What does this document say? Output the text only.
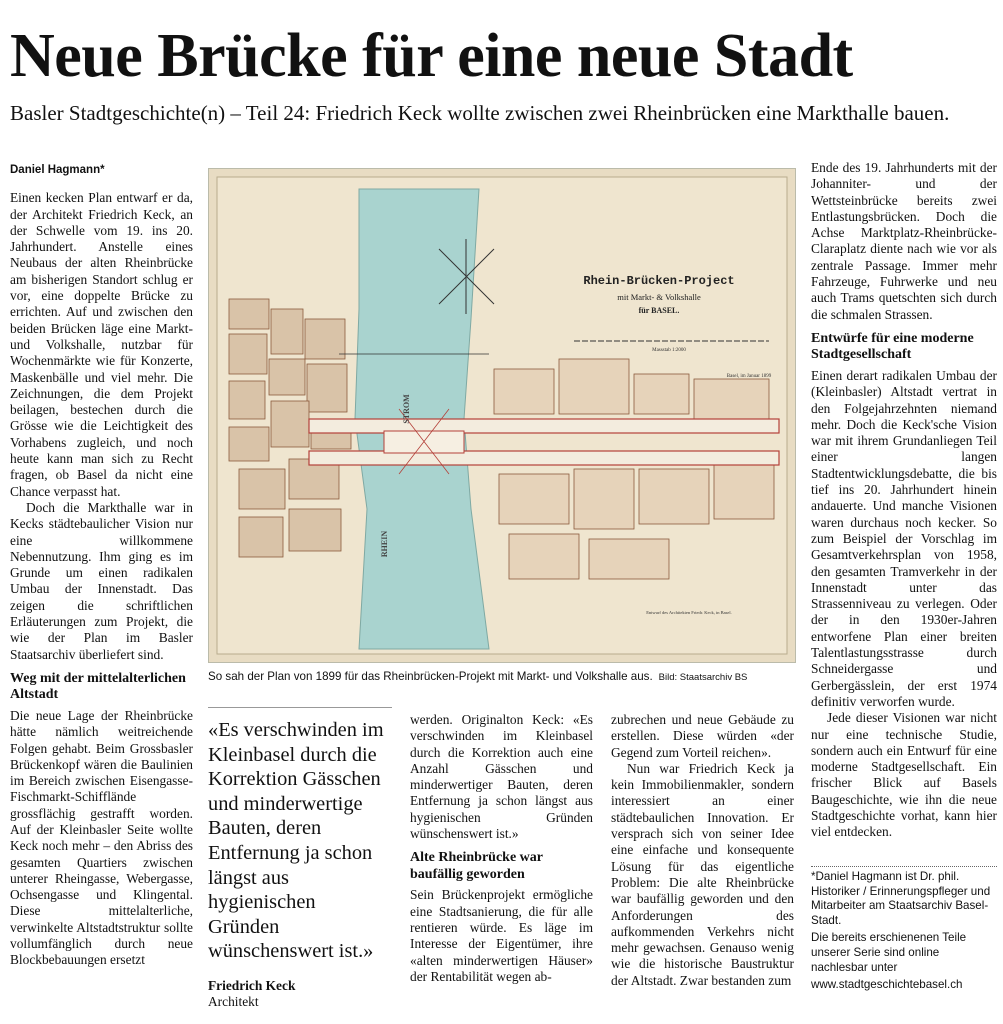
Neue Brücke für eine neue Stadt
Basler Stadtgeschichte(n) – Teil 24: Friedrich Keck wollte zwischen zwei Rheinbrücken eine Markthalle bauen.
Daniel Hagmann*

Einen kecken Plan entwarf er da, der Architekt Friedrich Keck, an der Schwelle vom 19. ins 20. Jahrhundert. Anstelle eines Neubaus der alten Rheinbrücke am bisherigen Standort schlug er vor, eine doppelte Brücke zu errichten. Auf und zwischen den beiden Brücken läge eine Markt- und Volkshalle, nutzbar für Wochenmärkte wie für Konzerte, Maskenbälle und viel mehr. Die Zeichnungen, die dem Projekt beilagen, bestechen durch die Grösse wie die Leichtigkeit des Vorhabens zugleich, und noch heute kann man sich zu Recht fragen, ob Basel da nicht eine Chance verpasst hat.

Doch die Markthalle war in Kecks städtebaulicher Vision nur eine willkommene Nebennutzung. Ihm ging es im Grunde um einen radikalen Umbau der Innenstadt. Das zeigen die schriftlichen Erläuterungen zum Projekt, die wie der Plan im Basler Staatsarchiv überliefert sind.

Weg mit der mittelalterlichen Altstadt

Die neue Lage der Rheinbrücke hätte nämlich weitreichende Folgen gehabt. Beim Grossbasler Brückenkopf wären die Baulinien im Bereich zwischen Eisengasse-Fischmarkt-Schifflände grossflächig gestrafft worden. Auf der Kleinbasler Seite wollte Keck noch mehr – den Abriss des gesamten Quartiers zwischen unterer Rheingasse, Webergasse, Ochsengasse und Klingental. Diese mittelalterliche, verwinkelte Altstadtstruktur sollte vollumfänglich durch neue Blockbebauungen ersetzt

Rhein-Brücken-Project
mit Markt- & Volkshalle
für BASEL.
Massstab 1:2000
Basel, im Januar 1899
STROM
RHEIN
Entwurf des Architekten Friedr. Keck, in Basel.
So sah der Plan von 1899 für das Rheinbrücken-Projekt mit Markt- und Volkshalle aus. Bild: Staatsarchiv BS
«Es verschwinden im Kleinbasel durch die Korrektion Gässchen und minderwertige Bauten, deren Entfernung ja schon längst aus hygienischen Gründen wünschenswert ist.»
Friedrich Keck
Architekt

werden. Originalton Keck: «Es verschwinden im Kleinbasel durch die Korrektion auch eine Anzahl Gässchen und minderwertiger Bauten, deren Entfernung ja schon längst aus hygienischen Gründen wünschenswert ist.»

Alte Rheinbrücke war baufällig geworden

Sein Brückenprojekt ermögliche eine Stadtsanierung, die für alle rentieren würde. Es läge im Interesse der Eigentümer, ihre «alten minderwertigen Häuser» der Rentabilität wegen ab-

zubrechen und neue Gebäude zu erstellen. Diese würden «der Gegend zum Vorteil reichen».

Nun war Friedrich Keck ja kein Immobilienmakler, sondern interessiert an einer städtebaulichen Innovation. Er versprach sich von seiner Idee eine einfache und konsequente Lösung für das eigentliche Problem: Die alte Rheinbrücke war baufällig geworden und den Anforderungen des aufkommenden Verkehrs nicht mehr gewachsen. Genauso wenig wie die historische Baustruktur der Altstadt. Zwar bestanden zum

Ende des 19. Jahrhunderts mit der Johanniter- und der Wettsteinbrücke bereits zwei Entlastungsbrücken. Doch die Achse Marktplatz-Rheinbrücke-Claraplatz diente nach wie vor als zentrale Passage. Immer mehr Fahrzeuge, Fuhrwerke und neu auch Trams quetschten sich durch die schmalen Strassen.

Entwürfe für eine moderne Stadtgesellschaft

Einen derart radikalen Umbau der (Kleinbasler) Altstadt vertrat in den Folgejahrzehnten niemand mehr. Doch die Keck'sche Vision war mit ihrem Grundanliegen Teil einer langen Stadtentwicklungsdebatte, die bis tief ins 20. Jahrhundert hinein andauerte. Und manche Visionen waren durchaus noch kecker. So zum Beispiel der Vorschlag im Gesamtverkehrsplan von 1958, den gesamten Tramverkehr in der Innenstadt unter das Strassenniveau zu verlegen. Oder der in den 1930er-Jahren entworfene Plan einer breiten Talentlastungsstrasse durch Schneidergasse und Gerbergässlein, der erst 1974 definitiv verworfen wurde.

Jede dieser Visionen war nicht nur eine technische Studie, sondern auch ein Entwurf für eine moderne Stadtgesellschaft. Ein frischer Blick auf Basels Baugeschichte, wie ihn die neue Stadtgeschichte vorhat, kann hier viel entdecken.

*Daniel Hagmann ist Dr. phil. Historiker / Erinnerungspfleger und Mitarbeiter am Staatsarchiv Basel-Stadt.

Die bereits erschienenen Teile unserer Serie sind online nachlesbar unter

www.stadtgeschichtebasel.ch
